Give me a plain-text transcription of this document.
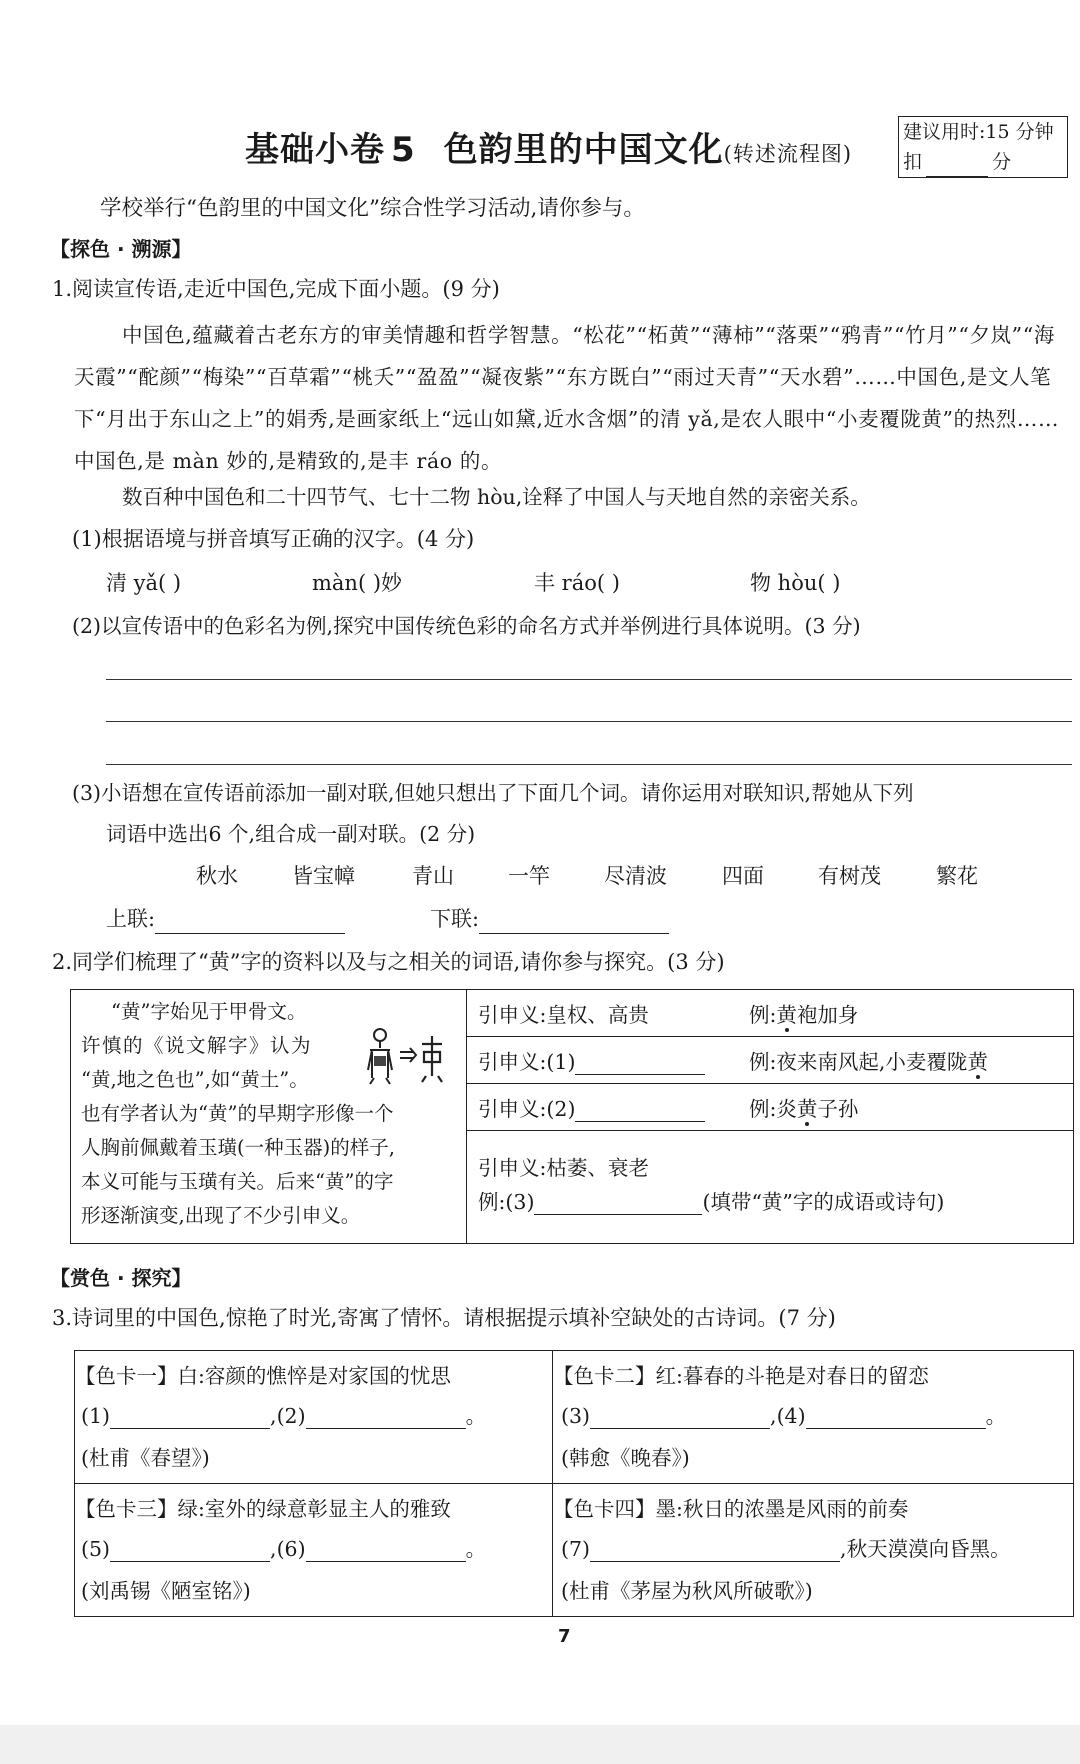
基础小卷 5 色韵里的中国文化(转述流程图)
建议用时:15 分钟
扣	分
学校举行“色韵里的中国文化”综合性学习活动,请你参与。
【探色 · 溯源】
1.阅读宣传语,走近中国色,完成下面小题。(9 分)
中国色,蕴藏着古老东方的审美情趣和哲学智慧。“松花”“柘黄”“薄柿”“落栗”“鸦青”“竹月”“夕岚”“海天霞”“酡颜”“梅染”“百草霜”“桃夭”“盈盈”“凝夜紫”“东方既白”“雨过天青”“天水碧”……中国色,是文人笔下“月出于东山之上”的娟秀,是画家纸上“远山如黛,近水含烟”的清 yǎ,是农人眼中“小麦覆陇黄”的热烈……中国色,是 màn 妙的,是精致的,是丰 ráo 的。
数百种中国色和二十四节气、七十二物 hòu,诠释了中国人与天地自然的亲密关系。
(1)根据语境与拼音填写正确的汉字。(4 分)
清 yǎ( )	màn( )妙	丰 ráo( )	物 hòu( )
(2)以宣传语中的色彩名为例,探究中国传统色彩的命名方式并举例进行具体说明。(3 分)
(3)小语想在宣传语前添加一副对联,但她只想出了下面几个词。请你运用对联知识,帮她从下列
词语中选出6 个,组合成一副对联。(2 分)
秋水	皆宝幛	青山	一竿	尽清波	四面	有树茂	繁花
上联:	下联:
2.同学们梳理了“黄”字的资料以及与之相关的词语,请你参与探究。(3 分)
“黄”字始见于甲骨文。
许慎的《说文解字》认为
“黄,地之色也”,如“黄土”。
也有学者认为“黄”的早期字形像一个
人胸前佩戴着玉璜(一种玉器)的样子,
本义可能与玉璜有关。后来“黄”的字
形逐渐演变,出现了不少引申义。
引申义:皇权、高贵	例:黄袍加身
引申义:(1)	例:夜来南风起,小麦覆陇黄
引申义:(2)	例:炎黄子孙
引申义:枯萎、衰老
例:(3)	(填带“黄”字的成语或诗句)
【赏色 · 探究】
3.诗词里的中国色,惊艳了时光,寄寓了情怀。请根据提示填补空缺处的古诗词。(7 分)
【色卡一】白:容颜的憔悴是对家国的忧思
(1)	,(2)	。
(杜甫《春望》)
【色卡二】红:暮春的斗艳是对春日的留恋
(3)	,(4)	。
(韩愈《晚春》)
【色卡三】绿:室外的绿意彰显主人的雅致
(5)	,(6)	。
(刘禹锡《陋室铭》)
【色卡四】墨:秋日的浓墨是风雨的前奏
(7)	,秋天漠漠向昏黑。
(杜甫《茅屋为秋风所破歌》)
7
